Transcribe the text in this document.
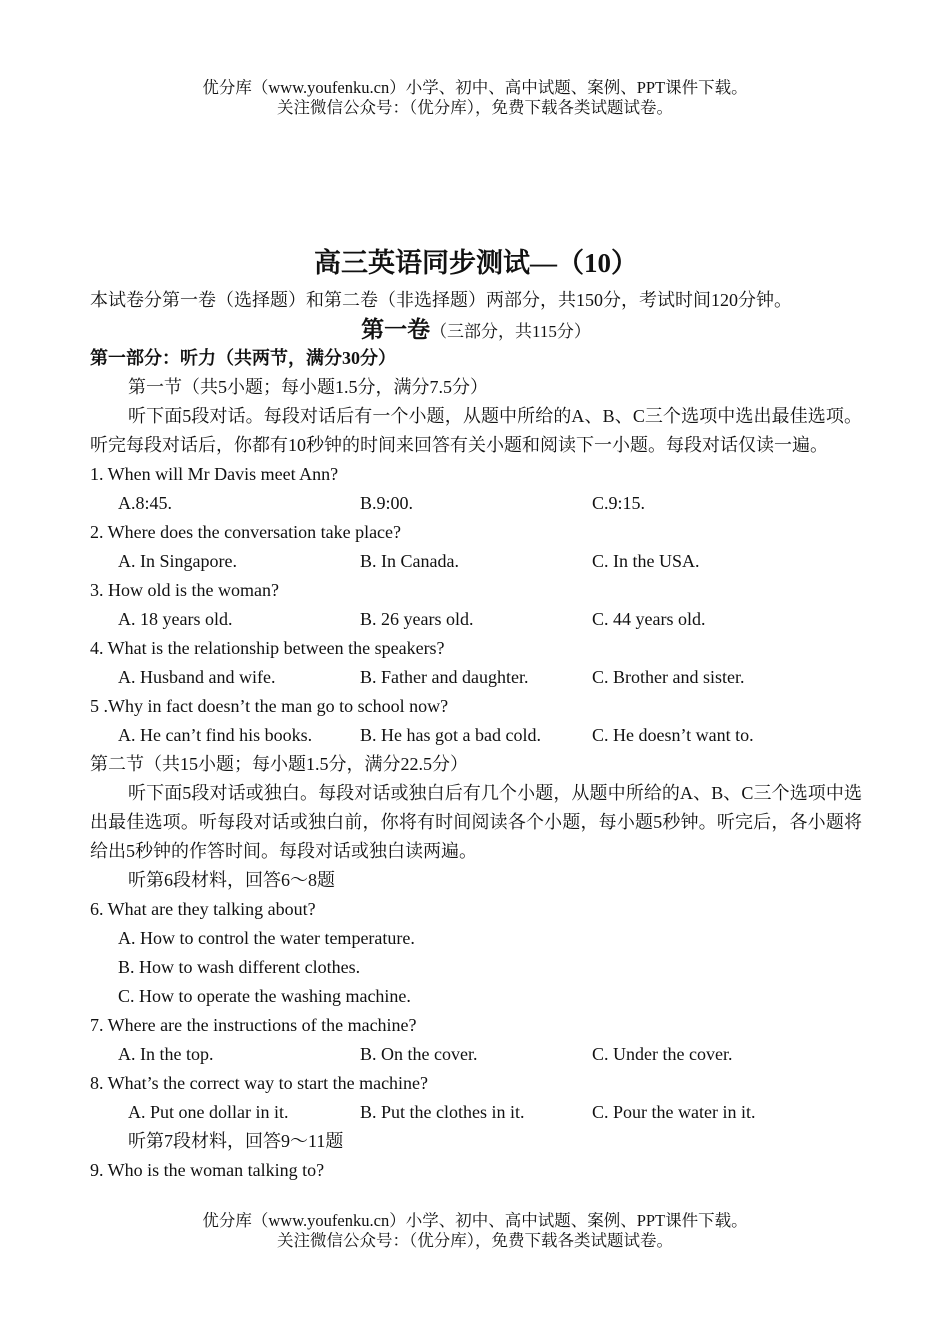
优分库（www.youfenku.cn）小学、初中、高中试题、案例、PPT课件下载。
关注微信公众号：（优分库），免费下载各类试题试卷。
高三英语同步测试—（10）
本试卷分第一卷（选择题）和第二卷（非选择题）两部分，共150分，考试时间120分钟。
第一卷（三部分，共115分）
第一部分：听力（共两节，满分30分）
第一节（共5小题；每小题1.5分，满分7.5分）
听下面5段对话。每段对话后有一个小题，从题中所给的A、B、C三个选项中选出最佳选项。听完每段对话后，你都有10秒钟的时间来回答有关小题和阅读下一小题。每段对话仅读一遍。
1. When will Mr Davis meet Ann?
A.8:45.	B.9:00.	C.9:15.
2. Where does the conversation take place?
A. In Singapore.	B. In Canada.	C. In the USA.
3. How old is the woman?
A. 18 years old.	B. 26 years old.	C. 44 years old.
4. What is the relationship between the speakers?
A. Husband and wife.	B. Father and daughter.	C. Brother and sister.
5 .Why in fact doesn’t the man go to school now?
A. He can’t find his books.	B. He has got a bad cold.	C. He doesn’t want to.
第二节（共15小题；每小题1.5分，满分22.5分）
听下面5段对话或独白。每段对话或独白后有几个小题，从题中所给的A、B、C三个选项中选出最佳选项。听每段对话或独白前，你将有时间阅读各个小题，每小题5秒钟。听完后，各小题将给出5秒钟的作答时间。每段对话或独白读两遍。
听第6段材料，回答6～8题
6. What are they talking about?
A. How to control the water temperature.
B. How to wash different clothes.
C. How to operate the washing machine.
7. Where are the instructions of the machine?
A. In the top.	B. On the cover.	C. Under the cover.
8. What’s the correct way to start the machine?
A. Put one dollar in it.	B. Put the clothes in it.	C. Pour the water in it.
听第7段材料，回答9～11题
9. Who is the woman talking to?
优分库（www.youfenku.cn）小学、初中、高中试题、案例、PPT课件下载。
关注微信公众号：（优分库），免费下载各类试题试卷。
